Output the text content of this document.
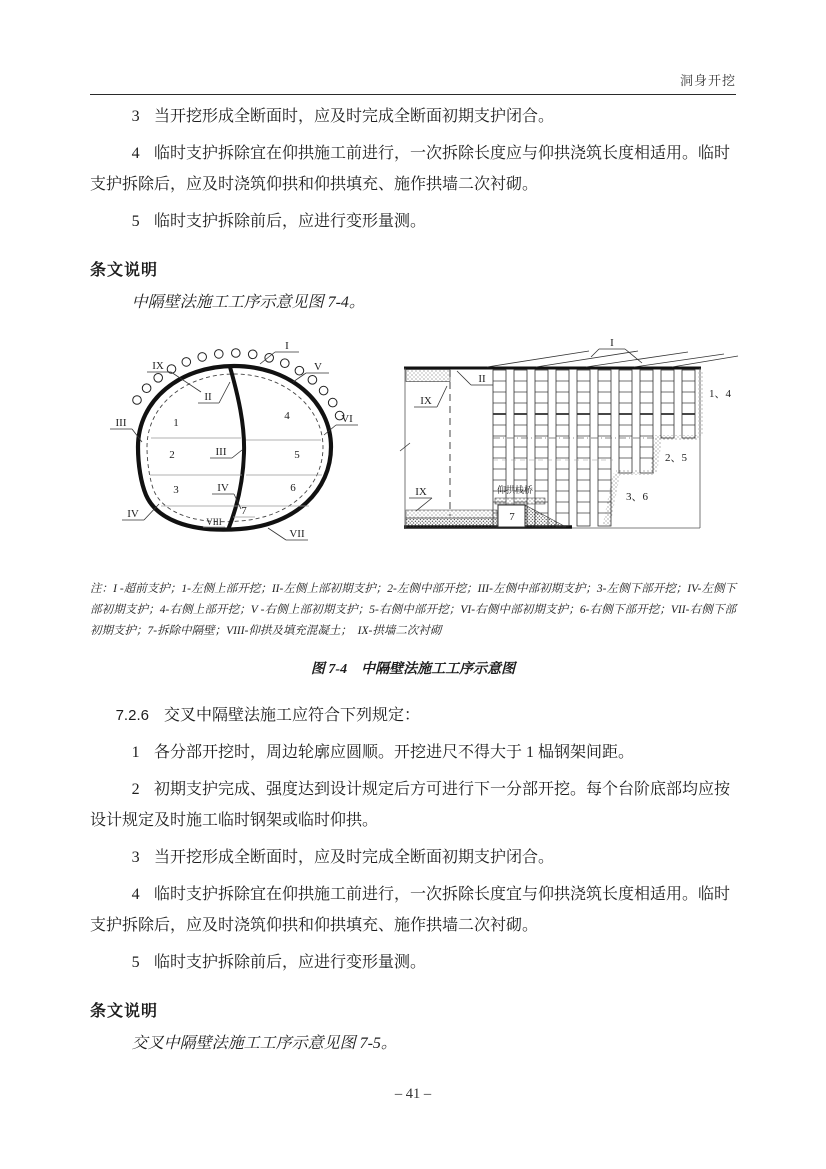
洞身开挖

3 当开挖形成全断面时，应及时完成全断面初期支护闭合。

4 临时支护拆除宜在仰拱施工前进行，一次拆除长度应与仰拱浇筑长度相适用。临时支护拆除后，应及时浇筑仰拱和仰拱填充、施作拱墙二次衬砌。

5 临时支护拆除前后，应进行变形量测。

条文说明

中隔壁法施工工序示意见图 7-4。

IX
I
V
II
III
III
IV
IV
VI
VII
VIII
1
2
3
4
5
6
7
I
II
IX
IX
1、4
2、5
3、6
仰拱栈桥
7

注：I -超前支护；1-左侧上部开挖；II-左侧上部初期支护；2-左侧中部开挖；III-左侧中部初期支护；3-左侧下部开挖；IV-左侧下部初期支护；4-右侧上部开挖；V -右侧上部初期支护；5-右侧中部开挖；VI-右侧中部初期支护；6-右侧下部开挖；VII-右侧下部初期支护；7-拆除中隔壁；VIII-仰拱及填充混凝土；　IX-拱墙二次衬砌

图 7-4　中隔壁法施工工序示意图

7.2.6 交叉中隔壁法施工应符合下列规定：

1 各分部开挖时，周边轮廓应圆顺。开挖进尺不得大于 1 榀钢架间距。

2 初期支护完成、强度达到设计规定后方可进行下一分部开挖。每个台阶底部均应按设计规定及时施工临时钢架或临时仰拱。

3 当开挖形成全断面时，应及时完成全断面初期支护闭合。

4 临时支护拆除宜在仰拱施工前进行，一次拆除长度宜与仰拱浇筑长度相适用。临时支护拆除后，应及时浇筑仰拱和仰拱填充、施作拱墙二次衬砌。

5 临时支护拆除前后，应进行变形量测。

条文说明

交叉中隔壁法施工工序示意见图 7-5。

– 41 –
